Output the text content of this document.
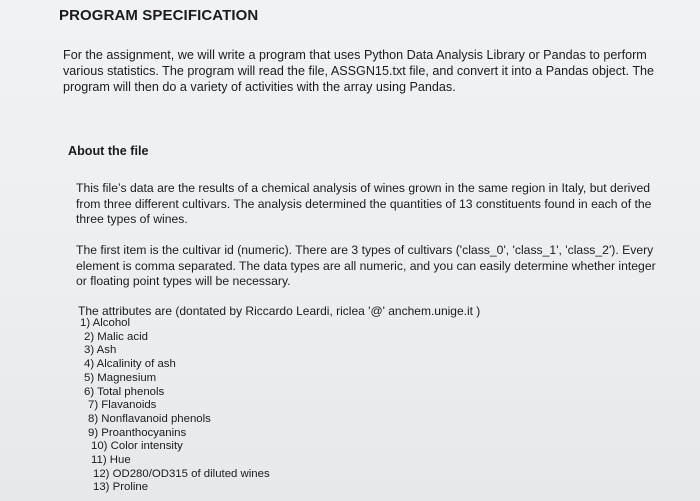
PROGRAM SPECIFICATION
For the assignment, we will write a program that uses Python Data Analysis Library or Pandas to perform various statistics. The program will read the file, ASSGN15.txt file, and convert it into a Pandas object. The program will then do a variety of activities with the array using Pandas.
About the file
This file’s data are the results of a chemical analysis of wines grown in the same region in Italy, but derived from three different cultivars. The analysis determined the quantities of 13 constituents found in each of the three types of wines.
The first item is the cultivar id (numeric). There are 3 types of cultivars ('class_0', 'class_1', 'class_2'). Every element is comma separated. The data types are all numeric, and you can easily determine whether integer or floating point types will be necessary.
The attributes are (dontated by Riccardo Leardi, riclea '@' anchem.unige.it )
1) Alcohol
2) Malic acid
3) Ash
4) Alcalinity of ash
5) Magnesium
6) Total phenols
7) Flavanoids
8) Nonflavanoid phenols
9) Proanthocyanins
10) Color intensity
11) Hue
12) OD280/OD315 of diluted wines
13) Proline
